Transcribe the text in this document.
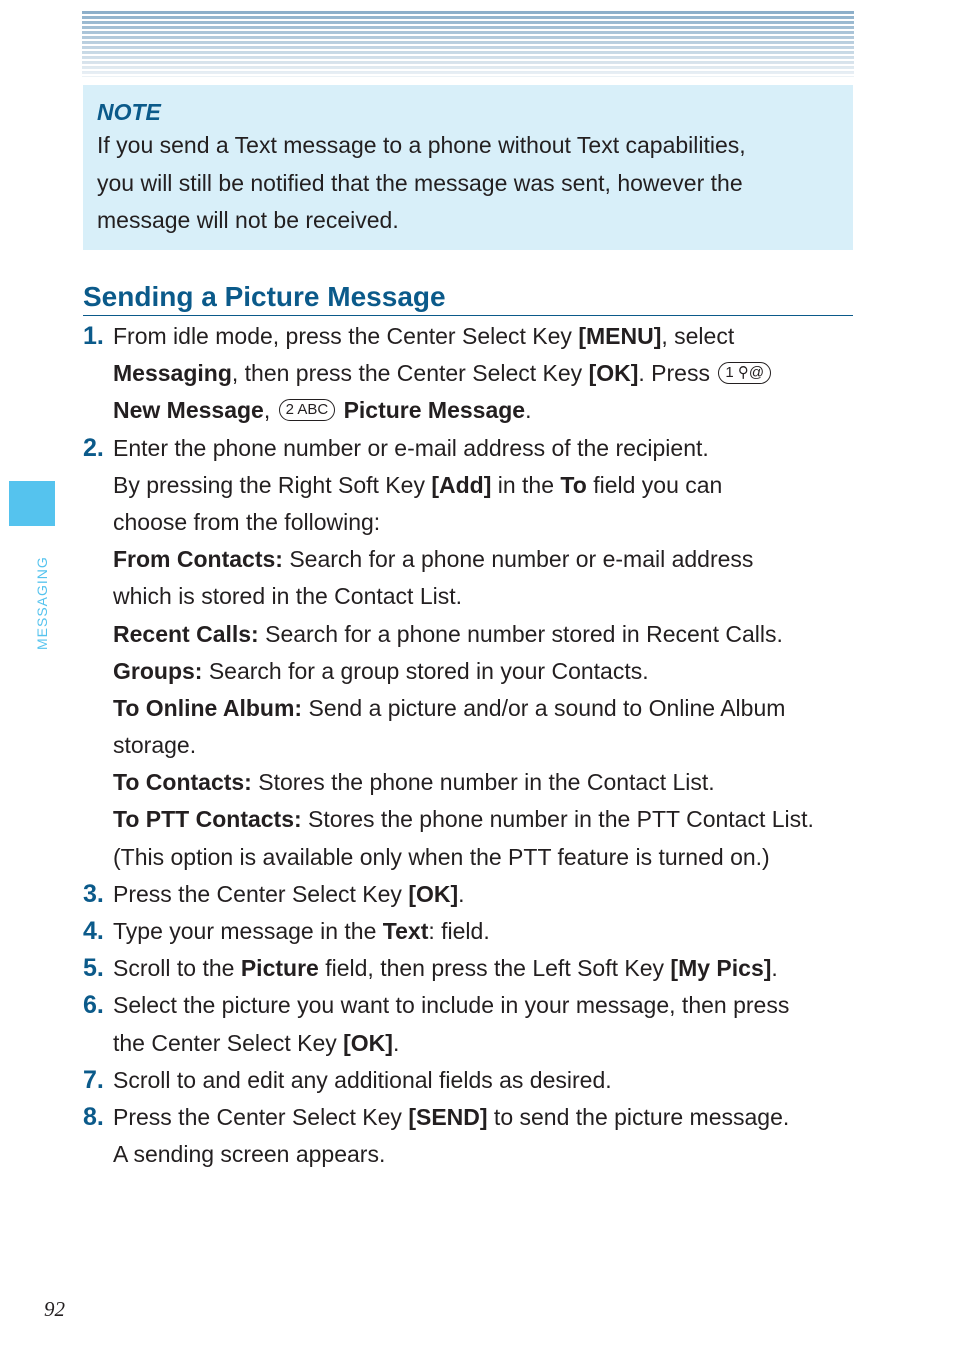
NOTE

If you send a Text message to a phone without Text capabilities,

you will still be notified that the message was sent, however the

message will not be received.

Sending a Picture Message
1. From idle mode, press the Center Select Key [MENU], select
Messaging, then press the Center Select Key [OK]. Press 1 ⚲@
New Message, 2 ABC Picture Message.
2. Enter the phone number or e-mail address of the recipient.
By pressing the Right Soft Key [Add] in the To field you can
choose from the following:
From Contacts: Search for a phone number or e-mail address
which is stored in the Contact List.
Recent Calls: Search for a phone number stored in Recent Calls.
Groups: Search for a group stored in your Contacts.
To Online Album: Send a picture and/or a sound to Online Album
storage.
To Contacts: Stores the phone number in the Contact List.
To PTT Contacts: Stores the phone number in the PTT Contact List.
(This option is available only when the PTT feature is turned on.)
3. Press the Center Select Key [OK].
4. Type your message in the Text: field.
5. Scroll to the Picture field, then press the Left Soft Key [My Pics].
6. Select the picture you want to include in your message, then press
the Center Select Key [OK].
7. Scroll to and edit any additional fields as desired.
8. Press the Center Select Key [SEND] to send the picture message.
A sending screen appears.
MESSAGING
92
